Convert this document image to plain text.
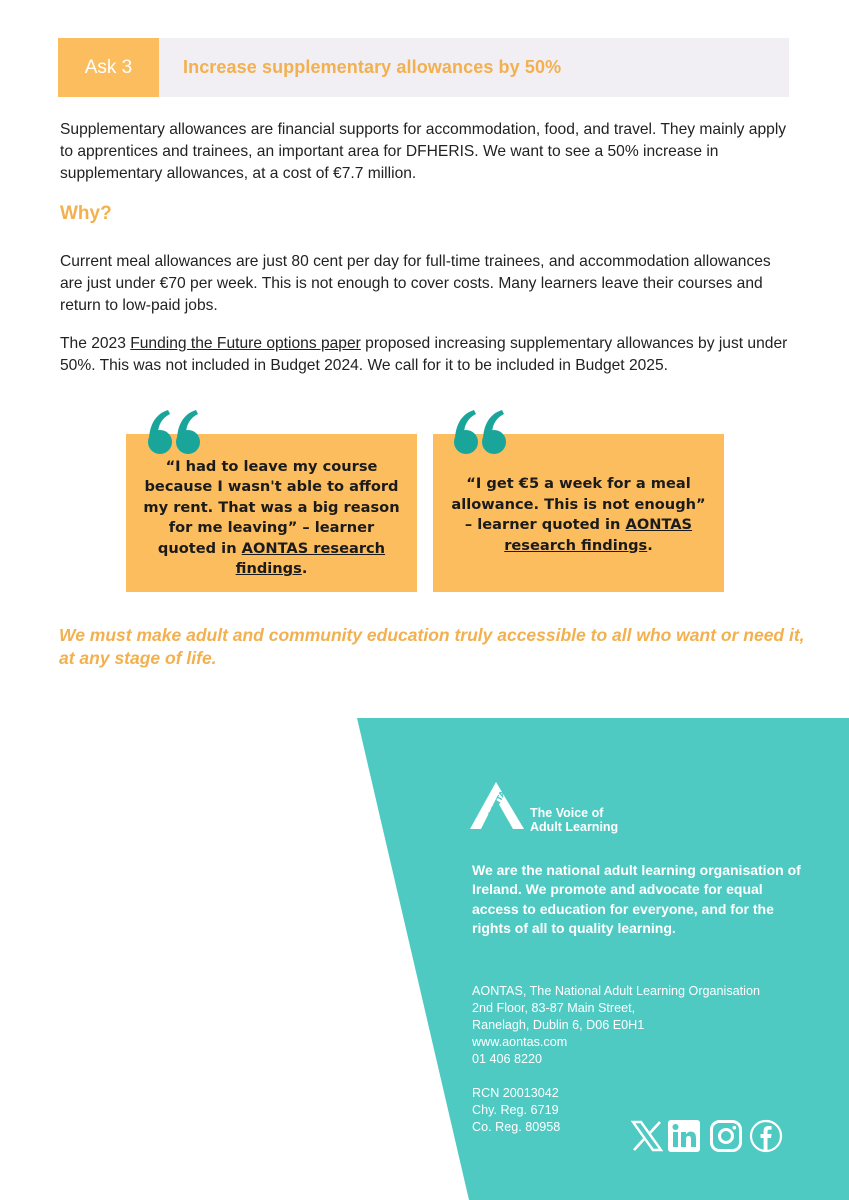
Ask 3	Increase supplementary allowances by 50%

Supplementary allowances are financial supports for accommodation, food, and travel. They mainly apply to apprentices and trainees, an important area for DFHERIS. We want to see a 50% increase in supplementary allowances, at a cost of €7.7 million.

Why?

Current meal allowances are just 80 cent per day for full-time trainees, and accommodation allowances are just under €70 per week. This is not enough to cover costs. Many learners leave their courses and return to low-paid jobs.

The 2023 Funding the Future options paper proposed increasing supplementary allowances by just under 50%. This was not included in Budget 2024. We call for it to be included in Budget 2025.

“I had to leave my course because I wasn't able to afford my rent. That was a big reason for me leaving” – learner quoted in AONTAS research findings.

“I get €5 a week for a meal allowance. This is not enough” – learner quoted in AONTAS research findings.

We must make adult and community education truly accessible to all who want or need it, at any stage of life.

AONTAS The Voice of
Adult Learning

We are the national adult learning organisation of Ireland. We promote and advocate for equal access to education for everyone, and for the rights of all to quality learning.

AONTAS, The National Adult Learning Organisation
2nd Floor, 83-87 Main Street,
Ranelagh, Dublin 6, D06 E0H1
www.aontas.com
01 406 8220
RCN 20013042
Chy. Reg. 6719
Co. Reg. 80958
